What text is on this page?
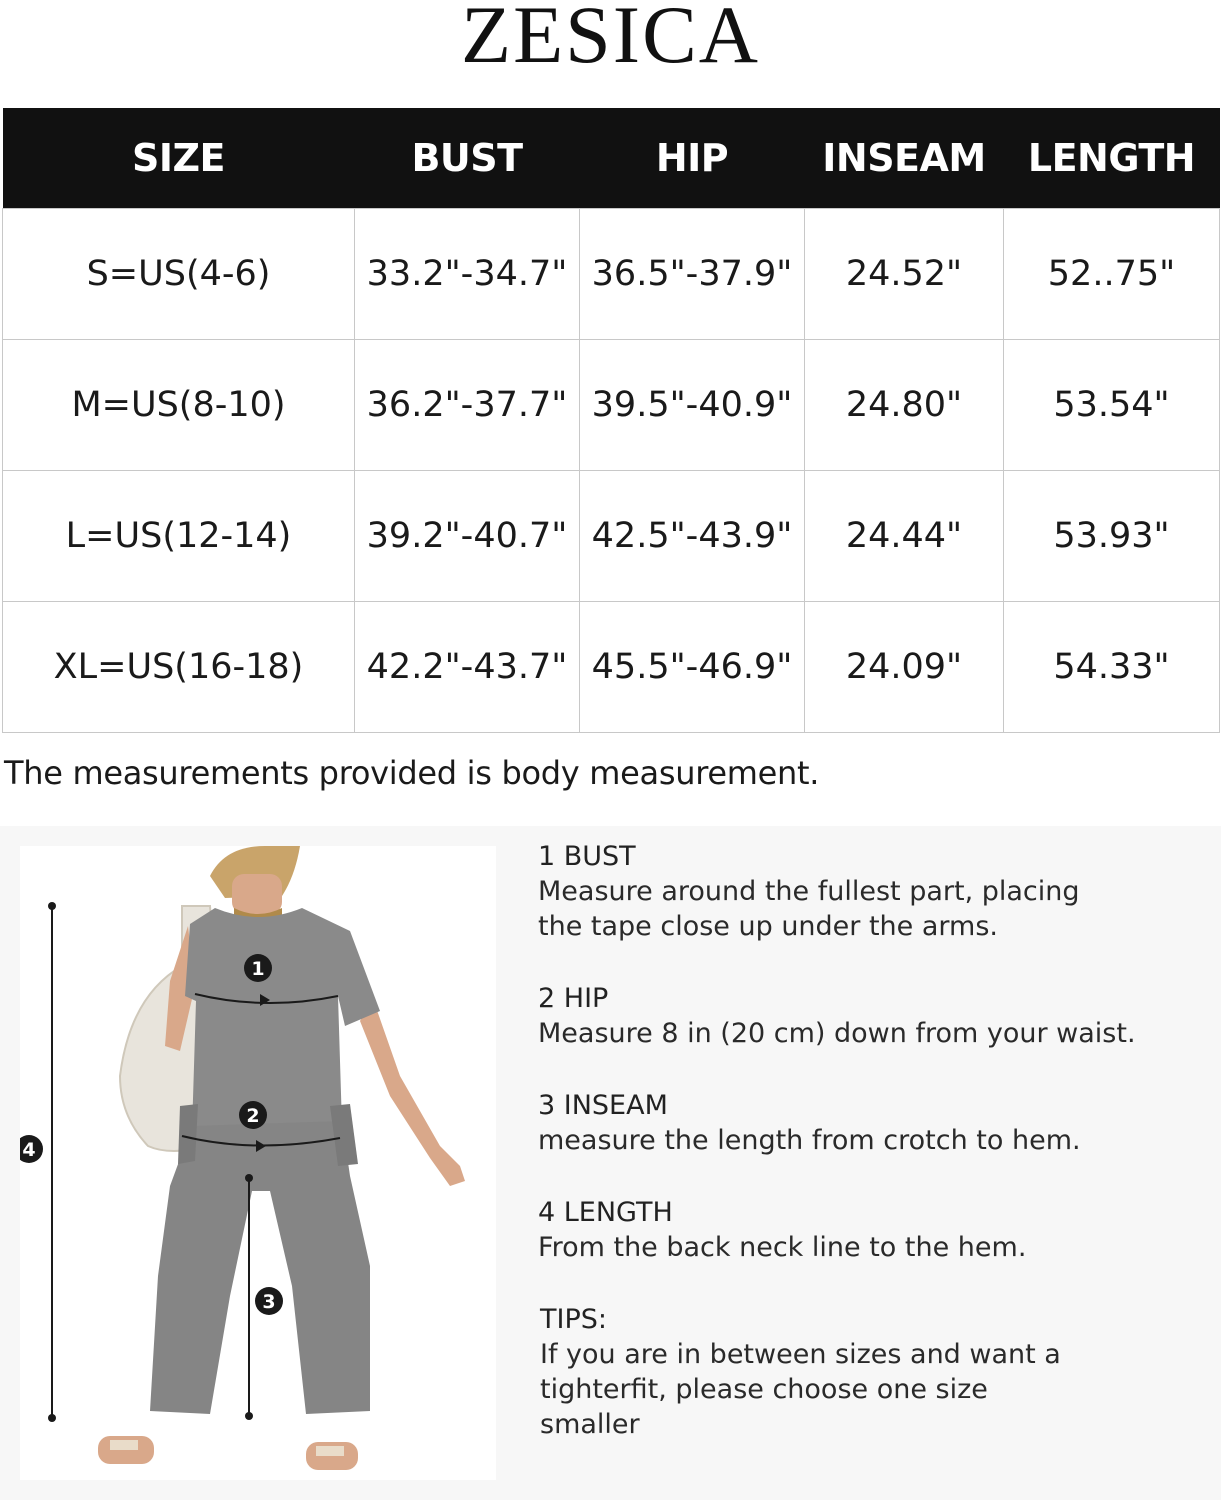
ZESICA
SIZE	BUST	HIP	INSEAM	LENGTH
S=US(4-6)	33.2"-34.7"	36.5"-37.9"	24.52"	52..75"
M=US(8-10)	36.2"-37.7"	39.5"-40.9"	24.80"	53.54"
L=US(12-14)	39.2"-40.7"	42.5"-43.9"	24.44"	53.93"
XL=US(16-18)	42.2"-43.7"	45.5"-46.9"	24.09"	54.33"
The measurements provided is body measurement.
1
2
3
4
1 BUST
Measure around the fullest part, placing
the tape close up under the arms.
2 HIP
Measure 8 in (20 cm) down from your waist.
3 INSEAM
measure the length from crotch to hem.
4 LENGTH
From the back neck line to the hem.
TIPS:
If you are in between sizes and want a
tighterfit, please choose one size
smaller
